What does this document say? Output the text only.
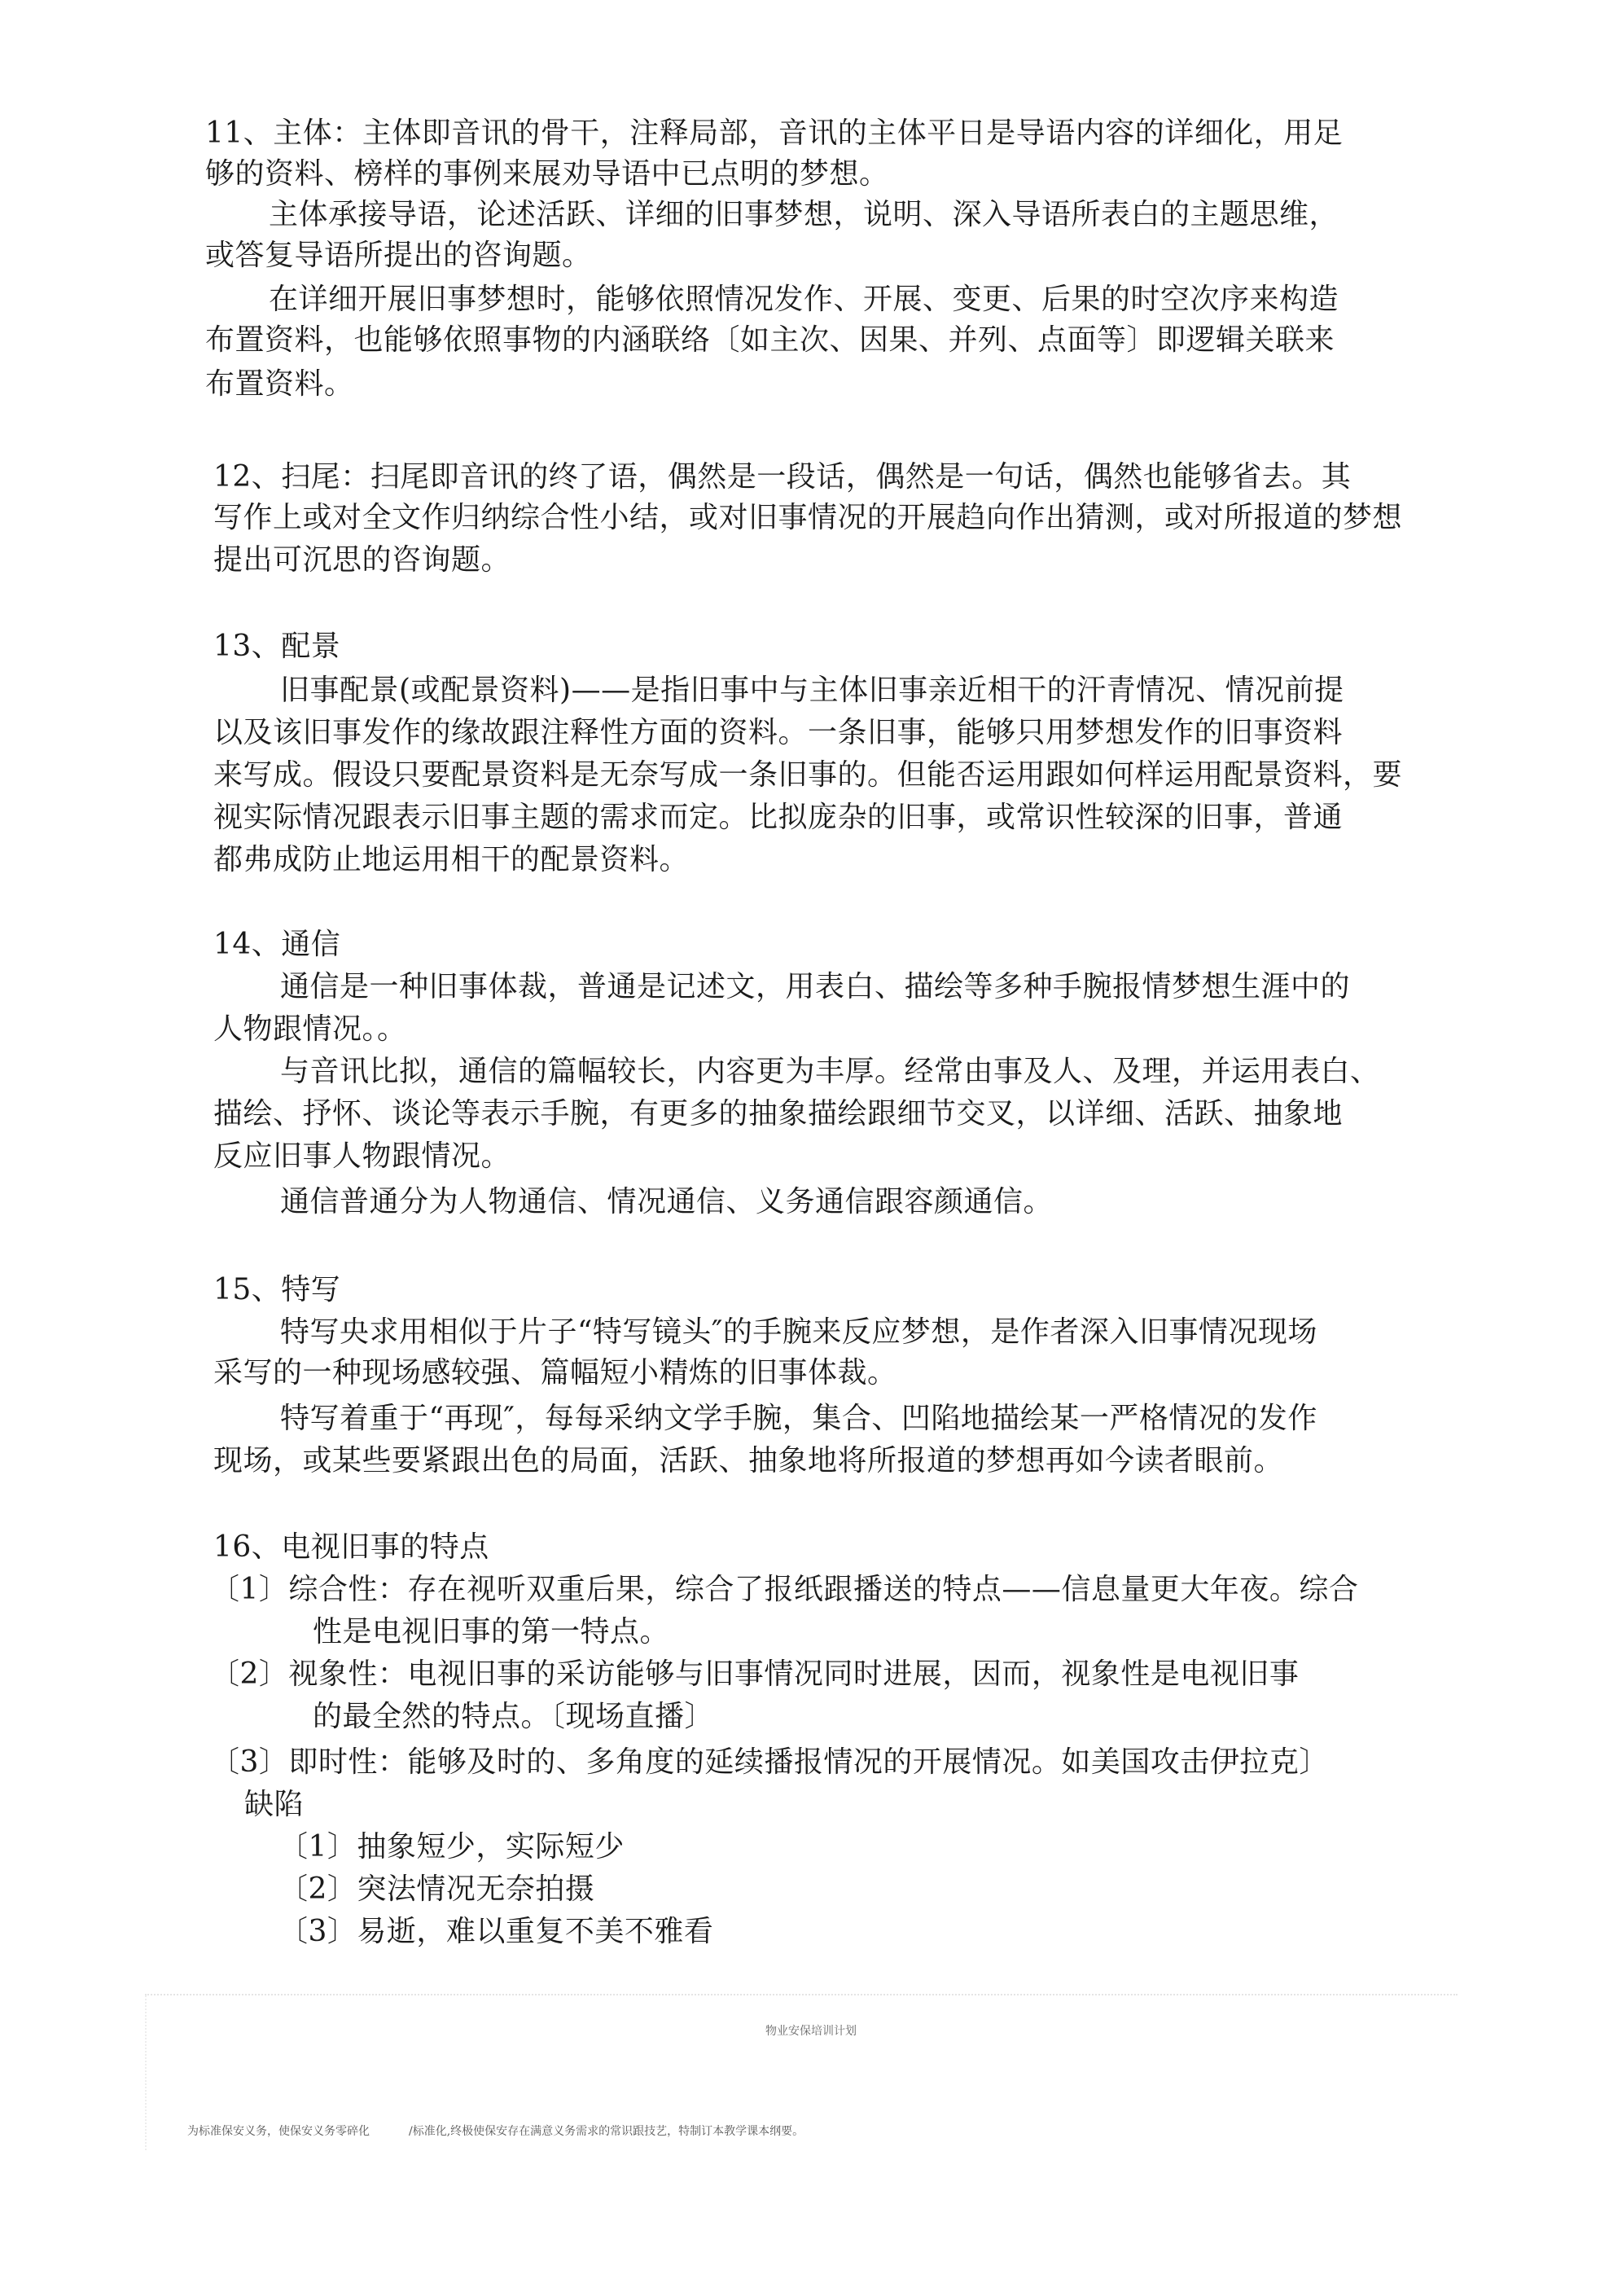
11、主体：主体即音讯的骨干，注释局部，音讯的主体平日是导语内容的详细化，用足
够的资料、榜样的事例来展劝导语中已点明的梦想。
主体承接导语，论述活跃、详细的旧事梦想，说明、深入导语所表白的主题思维，
或答复导语所提出的咨询题。
在详细开展旧事梦想时，能够依照情况发作、开展、变更、后果的时空次序来构造
布置资料，也能够依照事物的内涵联络〔如主次、因果、并列、点面等〕即逻辑关联来
布置资料。
12、扫尾：扫尾即音讯的终了语，偶然是一段话，偶然是一句话，偶然也能够省去。其
写作上或对全文作归纳综合性小结，或对旧事情况的开展趋向作出猜测，或对所报道的梦想
提出可沉思的咨询题。
13、配景
旧事配景(或配景资料)——是指旧事中与主体旧事亲近相干的汗青情况、情况前提
以及该旧事发作的缘故跟注释性方面的资料。一条旧事，能够只用梦想发作的旧事资料
来写成。假设只要配景资料是无奈写成一条旧事的。但能否运用跟如何样运用配景资料，要
视实际情况跟表示旧事主题的需求而定。比拟庞杂的旧事，或常识性较深的旧事，普通
都弗成防止地运用相干的配景资料。
14、通信
通信是一种旧事体裁，普通是记述文，用表白、描绘等多种手腕报情梦想生涯中的
人物跟情况。。
与音讯比拟，通信的篇幅较长，内容更为丰厚。经常由事及人、及理，并运用表白、
描绘、抒怀、谈论等表示手腕，有更多的抽象描绘跟细节交叉，以详细、活跃、抽象地
反应旧事人物跟情况。
通信普通分为人物通信、情况通信、义务通信跟容颜通信。
15、特写
特写央求用相似于片子“特写镜头″的手腕来反应梦想，是作者深入旧事情况现场
采写的一种现场感较强、篇幅短小精炼的旧事体裁。
特写着重于“再现″，每每采纳文学手腕，集合、凹陷地描绘某一严格情况的发作
现场，或某些要紧跟出色的局面，活跃、抽象地将所报道的梦想再如今读者眼前。
16、电视旧事的特点
〔1〕综合性：存在视听双重后果，综合了报纸跟播送的特点——信息量更大年夜。综合
性是电视旧事的第一特点。
〔2〕视象性：电视旧事的采访能够与旧事情况同时进展，因而，视象性是电视旧事
的最全然的特点。〔现场直播〕
〔3〕即时性：能够及时的、多角度的延续播报情况的开展情况。如美国攻击伊拉克〕
缺陷
〔1〕抽象短少，实际短少
〔2〕突法情况无奈拍摄
〔3〕易逝，难以重复不美不雅看
物业安保培训计划
为标准保安义务，使保安义务零碎化	/标准化,终极使保安存在满意义务需求的常识跟技艺，特制订本教学课本纲要。
